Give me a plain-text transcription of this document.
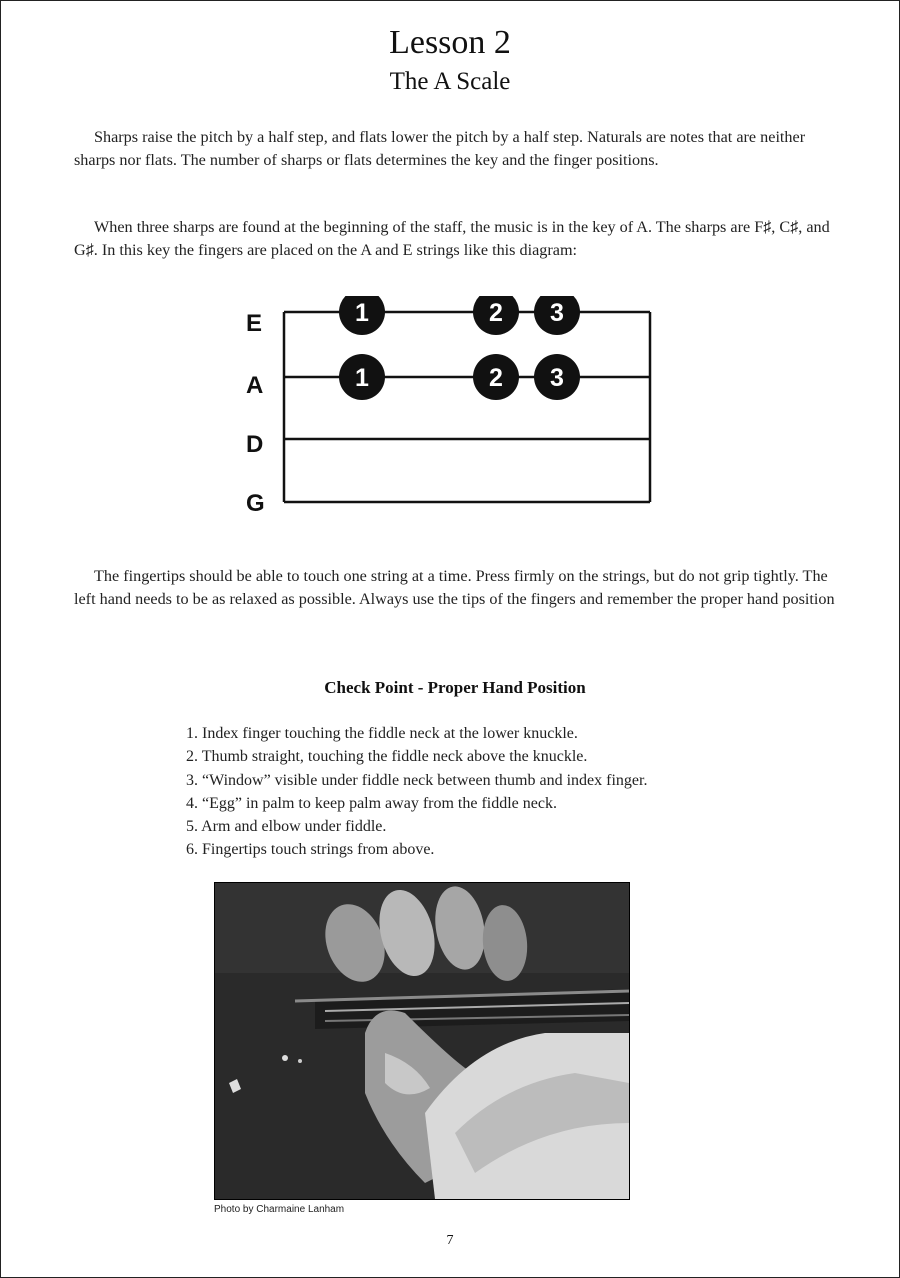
Lesson 2
The A Scale

Sharps raise the pitch by a half step, and flats lower the pitch by a half step. Naturals are notes that are neither sharps nor flats. The number of sharps or flats determines the key and the finger positions.

When three sharps are found at the beginning of the staff, the music is in the key of A. The sharps are F♯, C♯, and G♯. In this key the fingers are placed on the A and E strings like this diagram:

E
A
D
G
1	2 3
1	2 3

The fingertips should be able to touch one string at a time. Press firmly on the strings, but do not grip tightly. The left hand needs to be as relaxed as possible. Always use the tips of the fingers and remember the proper hand position

Check Point - Proper Hand Position
1. Index finger touching the fiddle neck at the lower knuckle.
2. Thumb straight, touching the fiddle neck above the knuckle.
3. “Window” visible under fiddle neck between thumb and index finger.
4. “Egg” in palm to keep palm away from the fiddle neck.
5. Arm and elbow under fiddle.
6. Fingertips touch strings from above.
Photo by Charmaine Lanham
7
